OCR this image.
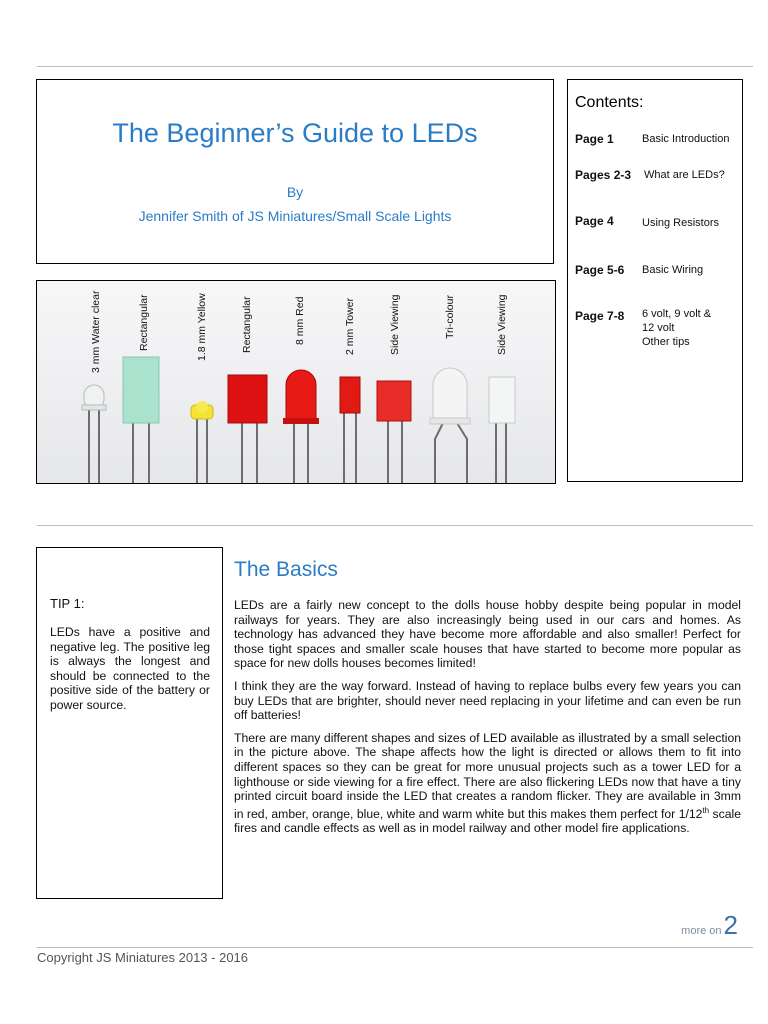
The Beginner’s Guide to LEDs
By
Jennifer Smith of JS Miniatures/Small Scale Lights
Contents:
Page 1	Basic Introduction
Pages 2-3 What are LEDs?
Page 4	Using Resistors
Page 5-6 Basic Wiring
Page 7-8 6 volt, 9 volt &
12 volt
Other tips
3 mm Water clear	Rectangular	1.8 mm Yellow	Rectangular	8 mm Red	2 mm Tower	Side Viewing	Tri-colour	Side Viewing
TIP 1:
LEDs have a positive and negative leg. The positive leg is always the longest and should be connected to the positive side of the battery or power source.
The Basics

LEDs are a fairly new concept to the dolls house hobby despite being popular in model railways for years. They are also increasingly being used in our cars and homes. As technology has advanced they have become more affordable and also smaller! Perfect for those tight spaces and smaller scale houses that have started to become more popular as space for new dolls houses becomes limited!

I think they are the way forward. Instead of having to replace bulbs every few years you can buy LEDs that are brighter, should never need replacing in your lifetime and can even be run off batteries!

There are many different shapes and sizes of LED available as illustrated by a small selection in the picture above. The shape affects how the light is directed or allows them to fit into different spaces so they can be great for more unusual projects such as a tower LED for a lighthouse or side viewing for a fire effect. There are also flickering LEDs now that have a tiny printed circuit board inside the LED that creates a random flicker. They are available in 3mm in red, amber, orange, blue, white and warm white but this makes them perfect for 1/12th scale fires and candle effects as well as in model railway and other model fire applications.

more on2
Copyright JS Miniatures 2013 - 2016
